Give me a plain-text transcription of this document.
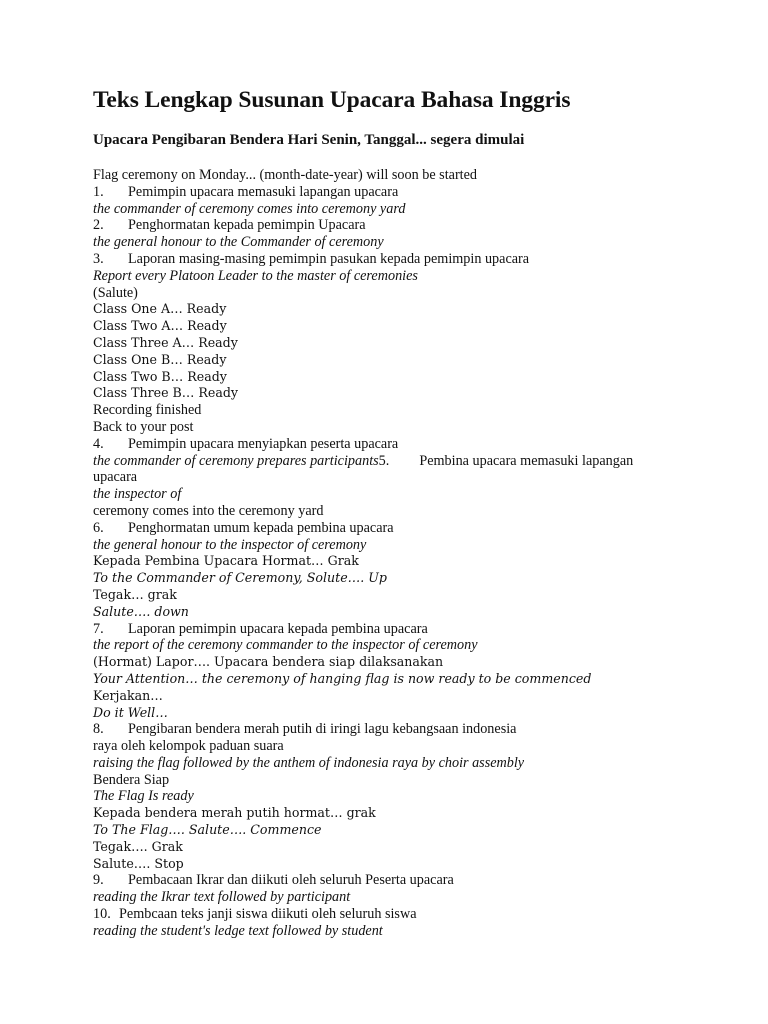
Teks Lengkap Susunan Upacara Bahasa Inggris
Upacara Pengibaran Bendera Hari Senin, Tanggal... segera dimulai
Flag ceremony on Monday... (month-date-year) will soon be started
1. Pemimpin upacara memasuki lapangan upacara
the commander of ceremony comes into ceremony yard
2. Penghormatan kepada pemimpin Upacara
the general honour to the Commander of ceremony
3. Laporan masing-masing pemimpin pasukan kepada pemimpin upacara
Report every Platoon Leader to the master of ceremonies
(Salute)
Class One A… Ready
Class Two A… Ready
Class Three A… Ready
Class One B… Ready
Class Two B… Ready
Class Three B… Ready
Recording finished
Back to your post
4. Pemimpin upacara menyiapkan peserta upacara
the commander of ceremony prepares participants5. Pembina upacara memasuki lapangan
upacara
the inspector of
ceremony comes into the ceremony yard
6. Penghormatan umum kepada pembina upacara
the general honour to the inspector of ceremony
Kepada Pembina Upacara Hormat… Grak
To the Commander of Ceremony, Solute…. Up
Tegak… grak
Salute…. down
7. Laporan pemimpin upacara kepada pembina upacara
the report of the ceremony commander to the inspector of ceremony
(Hormat) Lapor…. Upacara bendera siap dilaksanakan
Your Attention… the ceremony of hanging flag is now ready to be commenced
Kerjakan…
Do it Well…
8. Pengibaran bendera merah putih di iringi lagu kebangsaan indonesia
raya oleh kelompok paduan suara
raising the flag followed by the anthem of indonesia raya by choir assembly
Bendera Siap
The Flag Is ready
Kepada bendera merah putih hormat… grak
To The Flag…. Salute…. Commence
Tegak…. Grak
Salute…. Stop
9. Pembacaan Ikrar dan diikuti oleh seluruh Peserta upacara
reading the Ikrar text followed by participant
10. Pembcaan teks janji siswa diikuti oleh seluruh siswa
reading the student's ledge text followed by student
